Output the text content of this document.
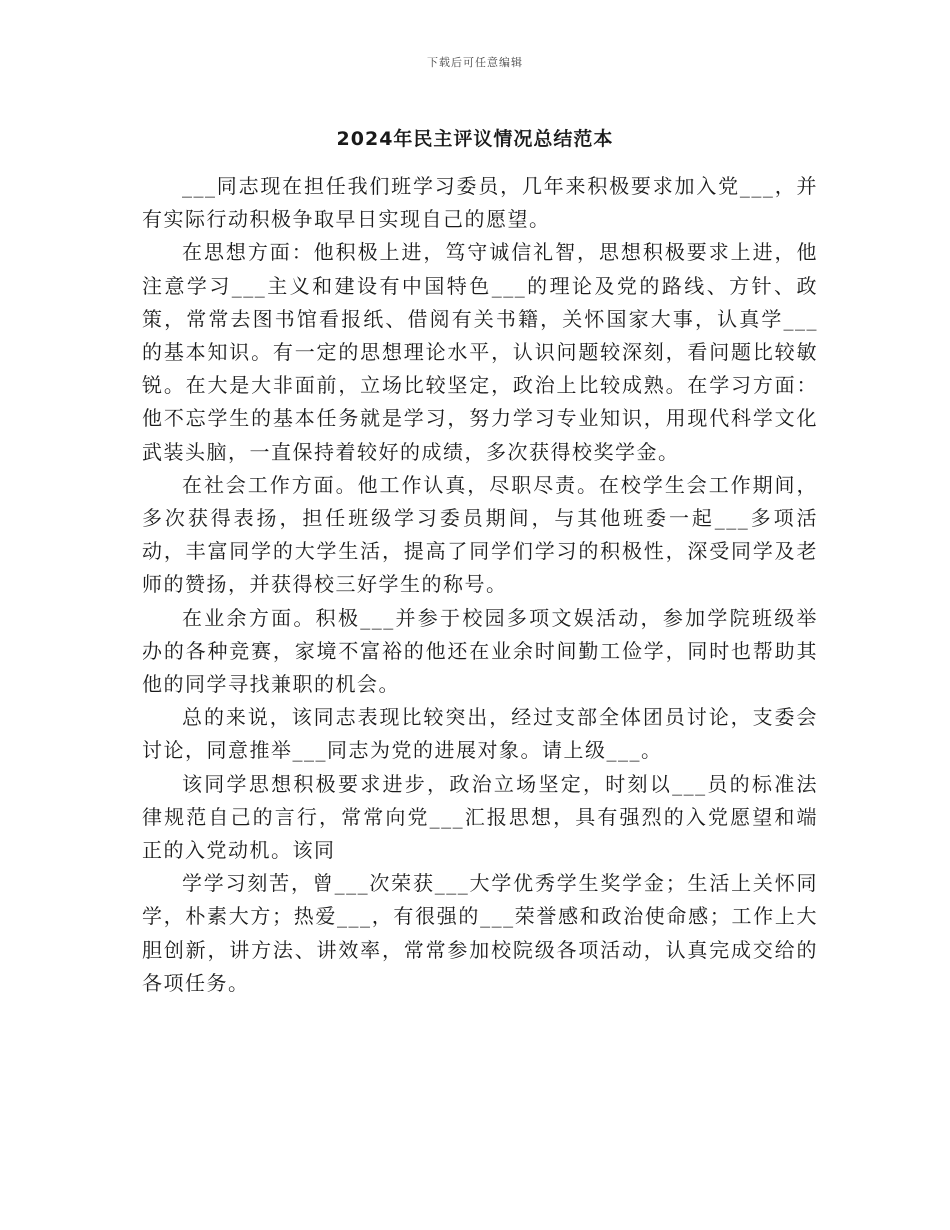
下载后可任意编辑
2024年民主评议情况总结范本

___同志现在担任我们班学习委员，几年来积极要求加入党___，并有实际行动积极争取早日实现自己的愿望。

在思想方面：他积极上进，笃守诚信礼智，思想积极要求上进，他注意学习___主义和建设有中国特色___的理论及党的路线、方针、政策，常常去图书馆看报纸、借阅有关书籍，关怀国家大事，认真学___的基本知识。有一定的思想理论水平，认识问题较深刻，看问题比较敏锐。在大是大非面前，立场比较坚定，政治上比较成熟。在学习方面：他不忘学生的基本任务就是学习，努力学习专业知识，用现代科学文化武装头脑，一直保持着较好的成绩，多次获得校奖学金。

在社会工作方面。他工作认真，尽职尽责。在校学生会工作期间，多次获得表扬，担任班级学习委员期间，与其他班委一起___多项活动，丰富同学的大学生活，提高了同学们学习的积极性，深受同学及老师的赞扬，并获得校三好学生的称号。

在业余方面。积极___并参于校园多项文娱活动，参加学院班级举办的各种竞赛，家境不富裕的他还在业余时间勤工俭学，同时也帮助其他的同学寻找兼职的机会。

总的来说，该同志表现比较突出，经过支部全体团员讨论，支委会讨论，同意推举___同志为党的进展对象。请上级___。

该同学思想积极要求进步，政治立场坚定，时刻以___员的标准法律规范自己的言行，常常向党___汇报思想，具有强烈的入党愿望和端正的入党动机。该同

学学习刻苦，曾___次荣获___大学优秀学生奖学金；生活上关怀同学，朴素大方；热爱___，有很强的___荣誉感和政治使命感；工作上大胆创新，讲方法、讲效率，常常参加校院级各项活动，认真完成交给的各项任务。
